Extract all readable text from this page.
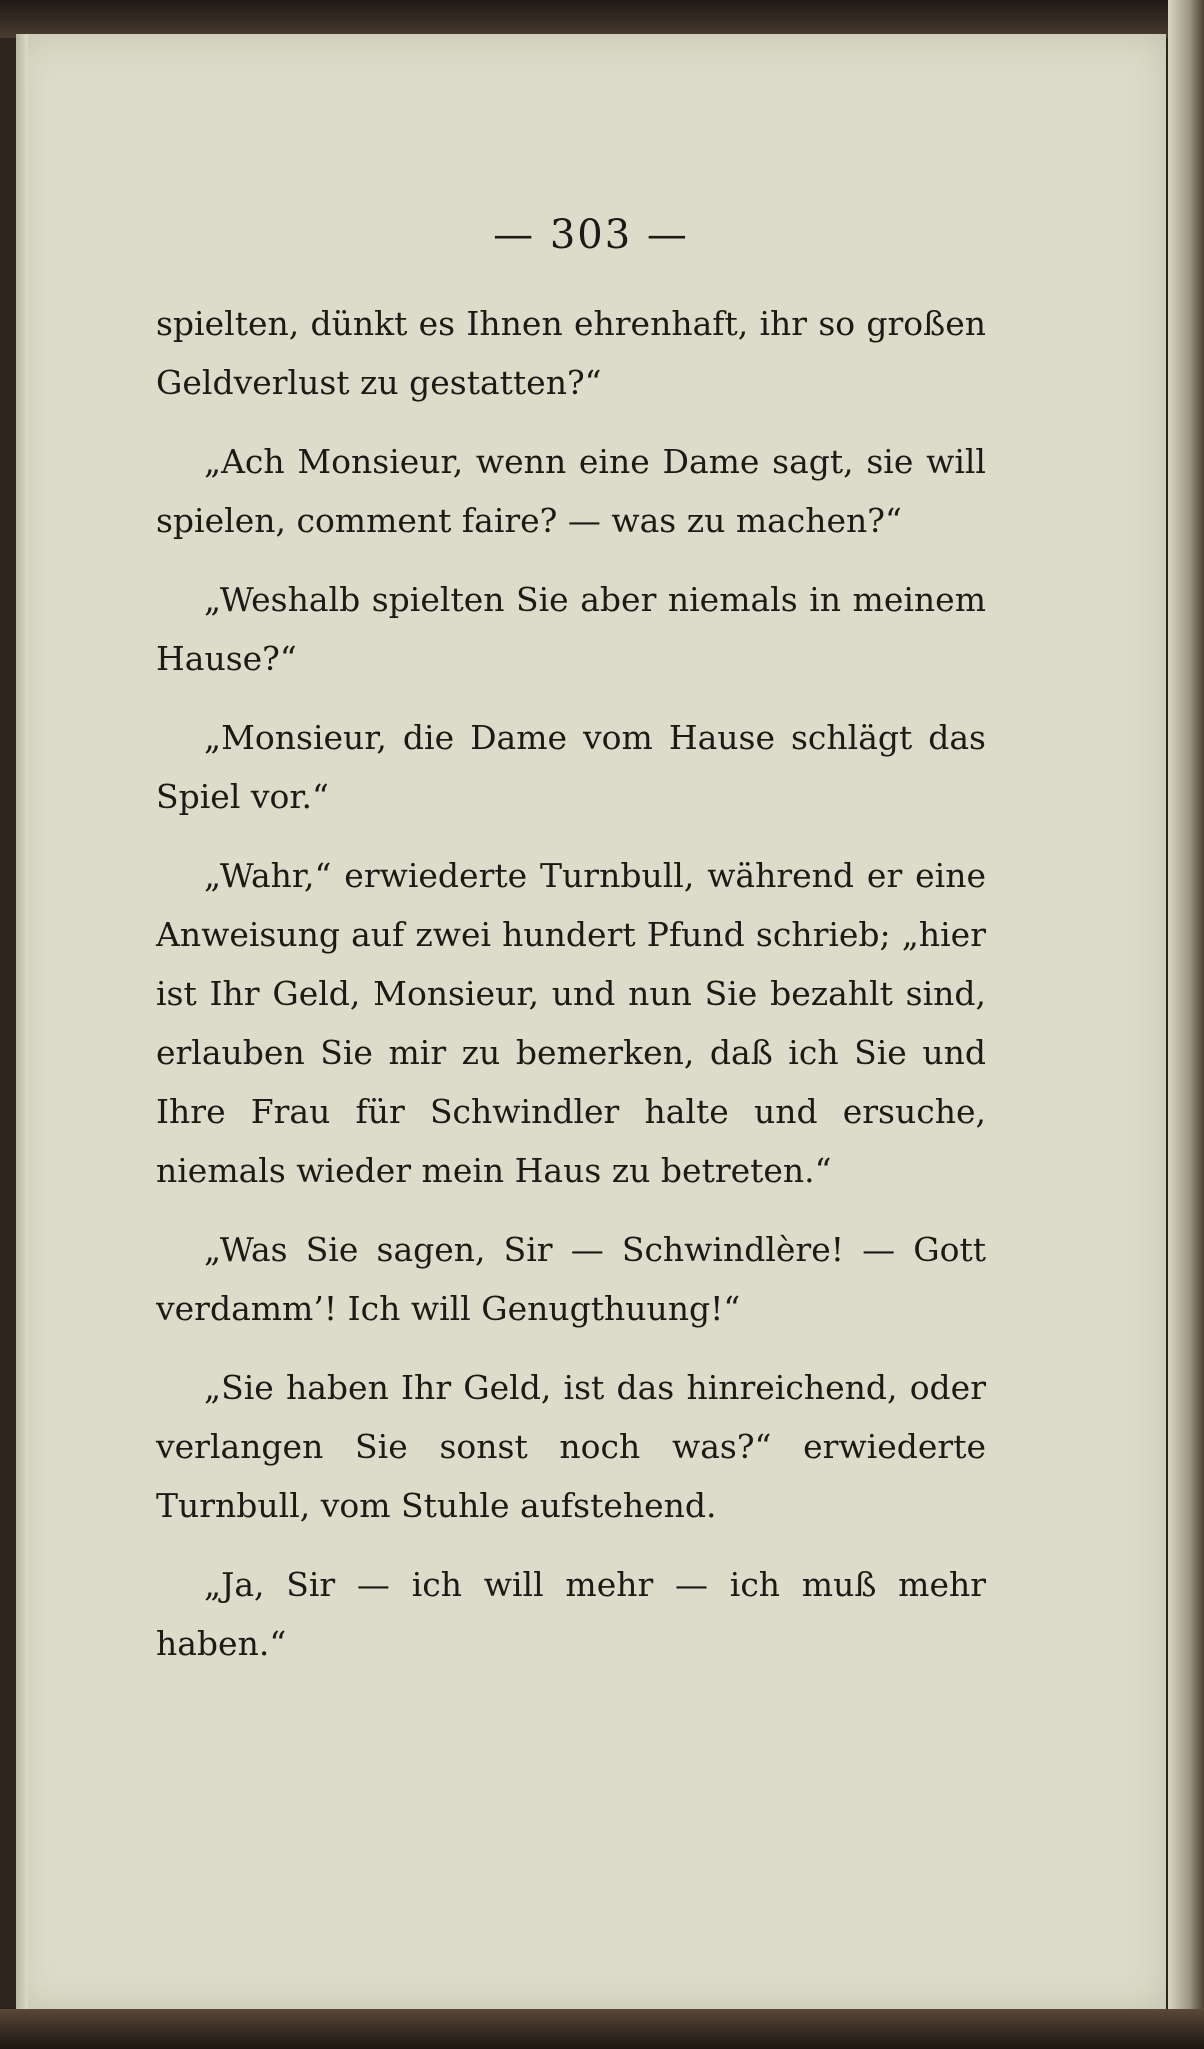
— 303 —

spielten, dünkt es Ihnen ehrenhaft, ihr so großen Geldverlust zu gestatten?“

„Ach Monsieur, wenn eine Dame sagt, sie will spielen, comment faire? — was zu machen?“

„Weshalb spielten Sie aber niemals in meinem Hause?“

„Monsieur, die Dame vom Hause schlägt das Spiel vor.“

„Wahr,“ erwiederte Turnbull, während er eine Anweisung auf zwei hundert Pfund schrieb; „hier ist Ihr Geld, Monsieur, und nun Sie bezahlt sind, erlauben Sie mir zu bemerken, daß ich Sie und Ihre Frau für Schwindler halte und ersuche, niemals wieder mein Haus zu betreten.“

„Was Sie sagen, Sir — Schwindlère! — Gott verdamm’! Ich will Genugthuung!“

„Sie haben Ihr Geld, ist das hinreichend, oder verlangen Sie sonst noch was?“ erwiederte Turnbull, vom Stuhle aufstehend.

„Ja, Sir — ich will mehr — ich muß mehr haben.“
